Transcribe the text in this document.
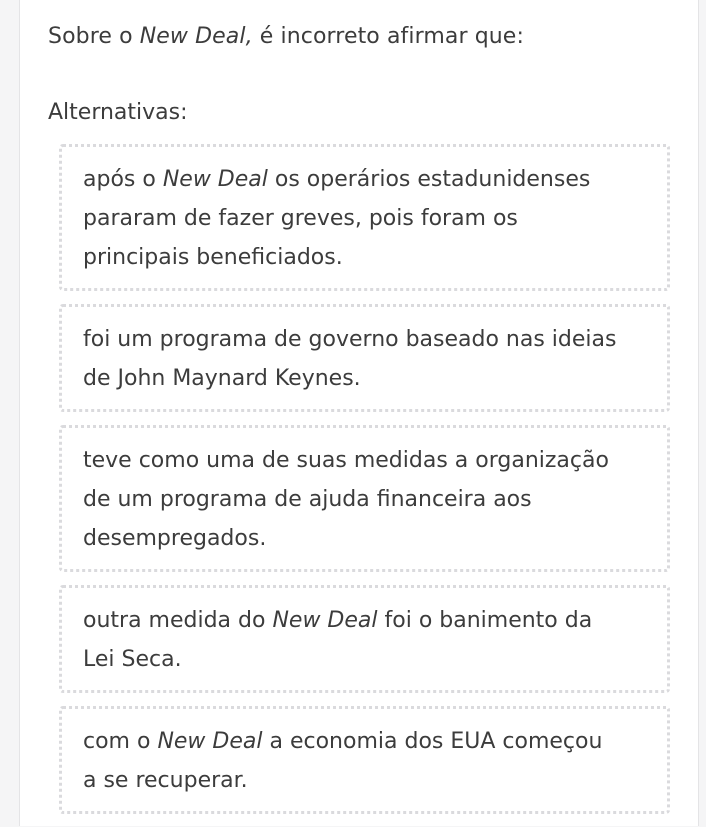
Sobre o New Deal, é incorreto afirmar que:
Alternativas:
após o New Deal os operários estadunidenses
pararam de fazer greves, pois foram os
principais beneficiados.
foi um programa de governo baseado nas ideias
de John Maynard Keynes.
teve como uma de suas medidas a organização
de um programa de ajuda financeira aos
desempregados.
outra medida do New Deal foi o banimento da
Lei Seca.
com o New Deal a economia dos EUA começou
a se recuperar.
